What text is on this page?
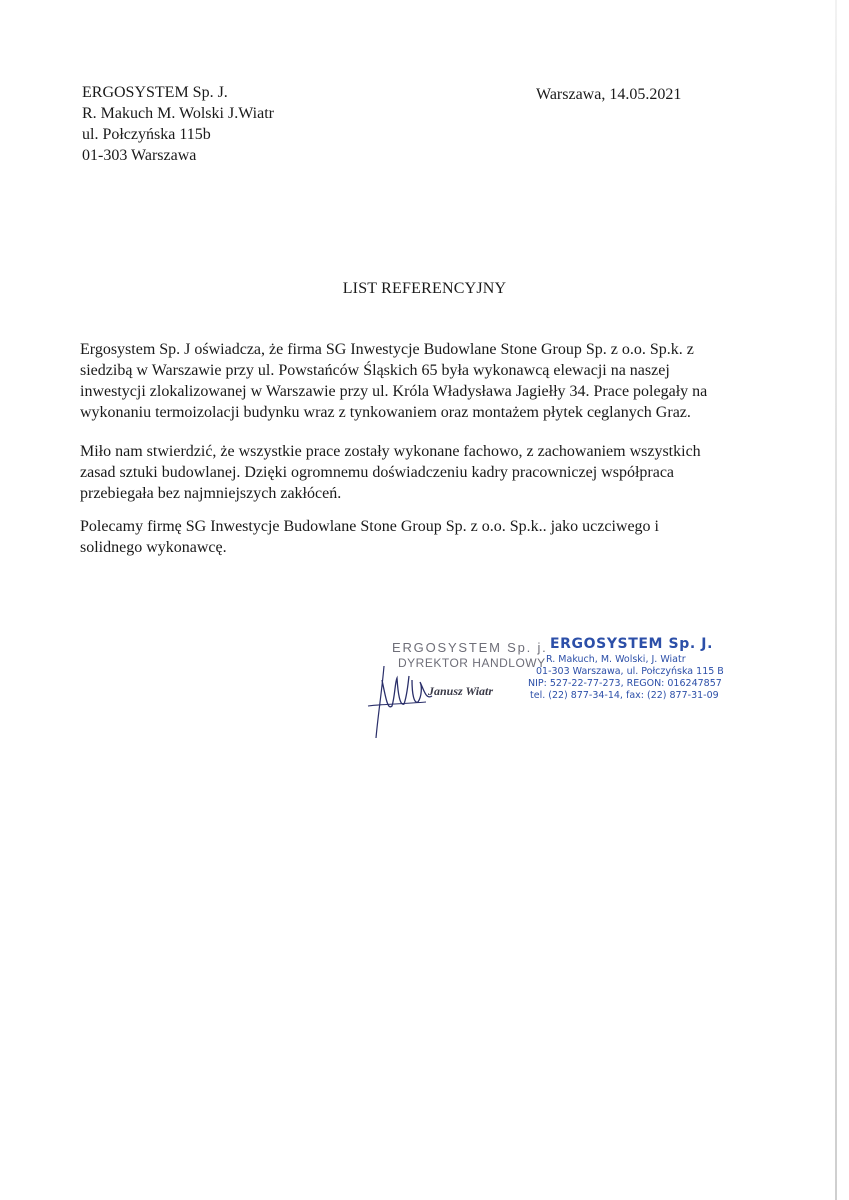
ERGOSYSTEM Sp. J.
R. Makuch M. Wolski J.Wiatr
ul. Połczyńska 115b
01-303 Warszawa
Warszawa, 14.05.2021
LIST REFERENCYJNY
Ergosystem Sp. J oświadcza, że firma SG Inwestycje Budowlane Stone Group Sp. z o.o. Sp.k. z
siedzibą w Warszawie przy ul. Powstańców Śląskich 65 była wykonawcą elewacji na naszej
inwestycji zlokalizowanej w Warszawie przy ul. Króla Władysława Jagiełły 34. Prace polegały na
wykonaniu termoizolacji budynku wraz z tynkowaniem oraz montażem płytek ceglanych Graz.
Miło nam stwierdzić, że wszystkie prace zostały wykonane fachowo, z zachowaniem wszystkich
zasad sztuki budowlanej. Dzięki ogromnemu doświadczeniu kadry pracowniczej współpraca
przebiegała bez najmniejszych zakłóceń.
Polecamy firmę SG Inwestycje Budowlane Stone Group Sp. z o.o. Sp.k.. jako uczciwego i
solidnego wykonawcę.
ERGOSYSTEM Sp. j.
DYREKTOR HANDLOWY
Janusz Wiatr
ERGOSYSTEM Sp. J.
R. Makuch, M. Wolski, J. Wiatr
01-303 Warszawa, ul. Połczyńska 115 B
NIP: 527-22-77-273, REGON: 016247857
tel. (22) 877-34-14, fax: (22) 877-31-09
